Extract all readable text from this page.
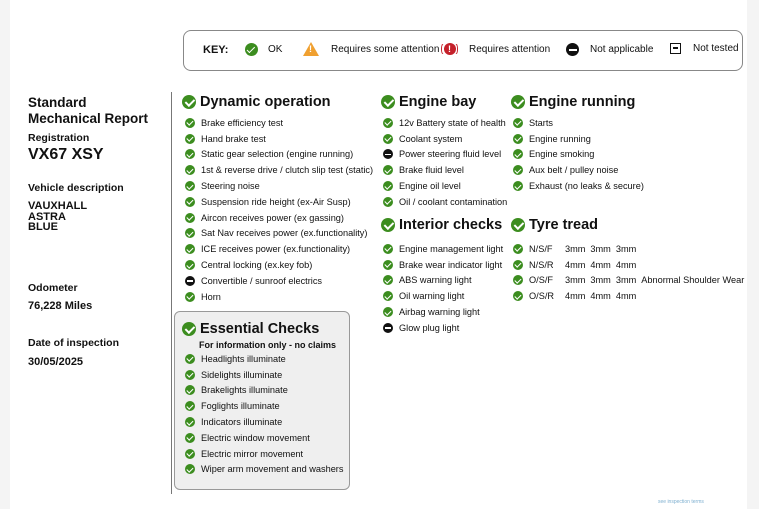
KEY:	OK
!	Requires some attention !	Requires attention	Not applicable	Not tested
Standard
Mechanical Report
Registration
VX67 XSY
Vehicle description
VAUXHALL
ASTRA
BLUE
Odometer
76,228 Miles
Date of inspection
30/05/2025
Dynamic operation
Brake efficiency test
Hand brake test
Static gear selection (engine running)
1st & reverse drive / clutch slip test (static)
Steering noise
Suspension ride height (ex-Air Susp)
Aircon receives power (ex gassing)
Sat Nav receives power (ex.functionality)
ICE receives power (ex.functionality)
Central locking (ex.key fob)
Convertible / sunroof electrics
Horn
Essential Checks
For information only - no claims
Headlights illuminate
Sidelights illuminate
Brakelights illuminate
Foglights illuminate
Indicators illuminate
Electric window movement
Electric mirror movement
Wiper arm movement and washers
Engine bay
12v Battery state of health
Coolant system
Power steering fluid level
Brake fluid level
Engine oil level
Oil / coolant contamination
Interior checks
Engine management light
Brake wear indicator light
ABS warning light
Oil warning light
Airbag warning light
Glow plug light
Engine running
Starts
Engine running
Engine smoking
Aux belt / pulley noise
Exhaust (no leaks & secure)
Tyre tread
N/S/F	3mm 3mm 3mm
N/S/R	4mm 4mm 4mm
O/S/F	3mm 3mm 3mm Abnormal Shoulder Wear
O/S/R	4mm 4mm 4mm
see inspection terms
